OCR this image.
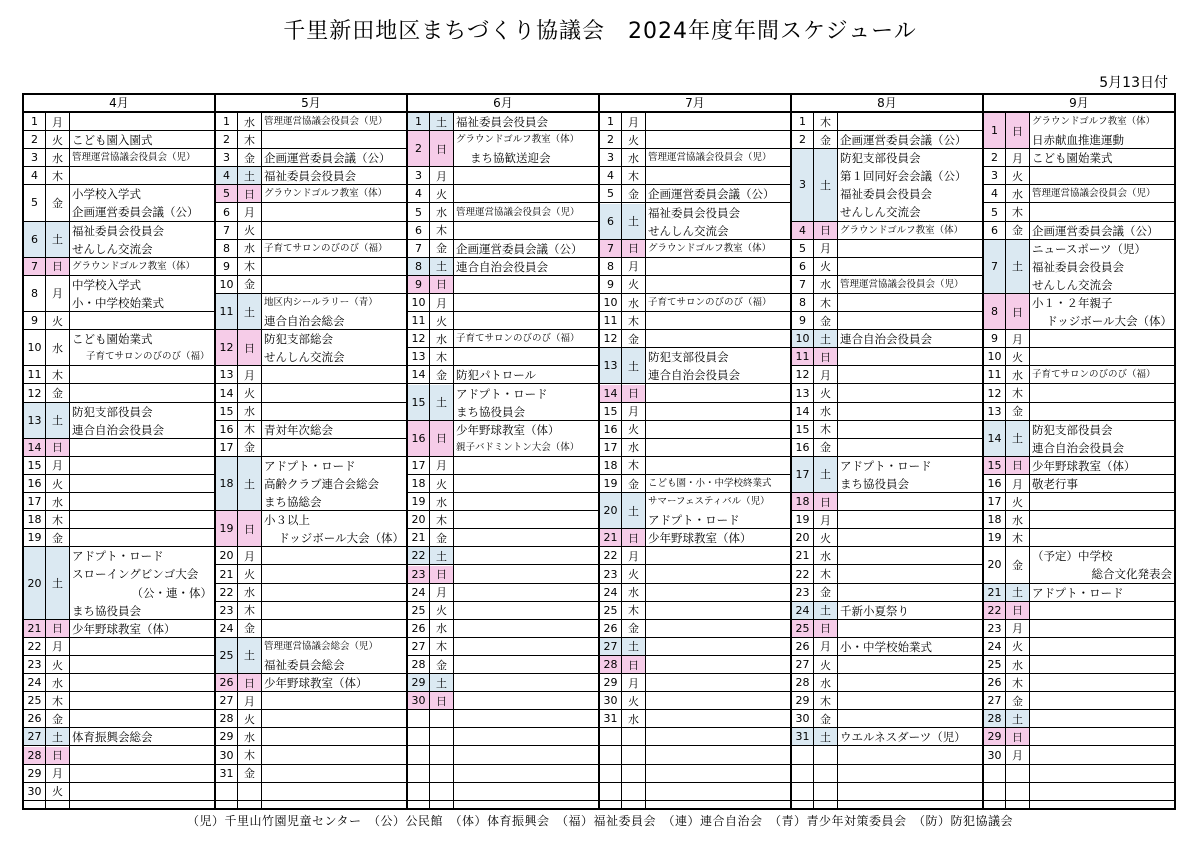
千里新田地区まちづくり協議会　2024年度年間スケジュール
5月13日付
4月
1	月
2	火 こども園入園式
3	水 管理運営協議会役員会（児）
4	木
5	金
小学校入学式
企画運営委員会議（公）
6	土
福祉委員会役員会
せんしん交流会
7	日 グラウンドゴルフ教室（体）
8	月
中学校入学式
小・中学校始業式
9	火
10 水
こども園始業式
子育てサロンのびのび（福）
11 木
12 金
13 土
防犯支部役員会
連合自治会役員会
14 日
15 月
16 火
17 水
18 木
19 金
20 土
アドプト・ロード
スローイングビンゴ大会
（公・連・体）
まち協役員会
21 日 少年野球教室（体）
22 月
23 火
24 水
25 木
26 金
27 土 体育振興会総会
28 日
29 月
30 火
5月
1	水 管理運営協議会役員会（児）
2	木
3	金 企画運営委員会議（公）
4	土 福祉委員会役員会
5	日 グラウンドゴルフ教室（体）
6	月
7	火
8	水 子育てサロンのびのび（福）
9	木
10 金
11 土
地区内シールラリー（青）
連合自治会総会
12 日
防犯支部総会
せんしん交流会
13 月
14 火
15 水
16 木 青対年次総会
17 金
18 土
アドプト・ロード
高齢クラブ連合会総会
まち協総会
19 日
小３以上
ドッジボール大会（体）
20 月
21 火
22 水
23 木
24 金
25 土
管理運営協議会総会（児）
福祉委員会総会
26 日 少年野球教室（体）
27 月
28 火
29 水
30 木
31 金
6月
1	土 福祉委員会役員会
2	日
グラウンドゴルフ教室（体）
まち協歓送迎会
3	月
4	火
5	水 管理運営協議会役員会（児）
6	木
7	金 企画運営委員会議（公）
8	土 連合自治会役員会
9	日
10 月
11 火
12 水 子育てサロンのびのび（福）
13 木
14 金 防犯パトロール
15 土
アドプト・ロード
まち協役員会
16 日
少年野球教室（体）
親子バドミントン大会（体）
17 月
18 火
19 水
20 木
21 金
22 土
23 日
24 月
25 火
26 水
27 木
28 金
29 土
30 日
7月
1	月
2	火
3	水 管理運営協議会役員会（児）
4	木
5	金 企画運営委員会議（公）
6	土
福祉委員会役員会
せんしん交流会
7	日 グラウンドゴルフ教室（体）
8	月
9	火
10 水 子育てサロンのびのび（福）
11 木
12 金
13 土
防犯支部役員会
連合自治会役員会
14 日
15 月
16 火
17 水
18 木
19 金 こども園・小・中学校終業式
20 土
サマーフェスティバル（児）
アドプト・ロード
21 日 少年野球教室（体）
22 月
23 火
24 水
25 木
26 金
27 土
28 日
29 月
30 火
31 水
8月
1	木
2	金 企画運営委員会議（公）
3	土
防犯支部役員会
第１回同好会会議（公）
福祉委員会役員会
せんしん交流会
4	日 グラウンドゴルフ教室（体）
5	月
6	火
7	水 管理運営協議会役員会（児）
8	木
9	金
10 土 連合自治会役員会
11 日
12 月
13 火
14 水
15 木
16 金
17 土
アドプト・ロード
まち協役員会
18 日
19 月
20 火
21 水
22 木
23 金
24 土 千新小夏祭り
25 日
26 月 小・中学校始業式
27 火
28 水
29 木
30 金
31 土 ウエルネスダーツ（児）
9月
1	日
グラウンドゴルフ教室（体）
日赤献血推進運動
2	月 こども園始業式
3	火
4	水 管理運営協議会役員会（児）
5	木
6	金 企画運営委員会議（公）
7	土
ニュースポーツ（児）
福祉委員会役員会
せんしん交流会
8	日
小１・２年親子
ドッジボール大会（体）
9	月
10 火
11 水 子育てサロンのびのび（福）
12 木
13 金
14 土
防犯支部役員会
連合自治会役員会
15 日 少年野球教室（体）
16 月 敬老行事
17 火
18 水
19 木
20 金
（予定）中学校
総合文化発表会
21 土 アドプト・ロード
22 日
23 月
24 火
25 水
26 木
27 金
28 土
29 日
30 月
（児）千里山竹園児童センター　（公）公民館　（体）体育振興会　（福）福祉委員会　（連）連合自治会　（青）青少年対策委員会　（防）防犯協議会
